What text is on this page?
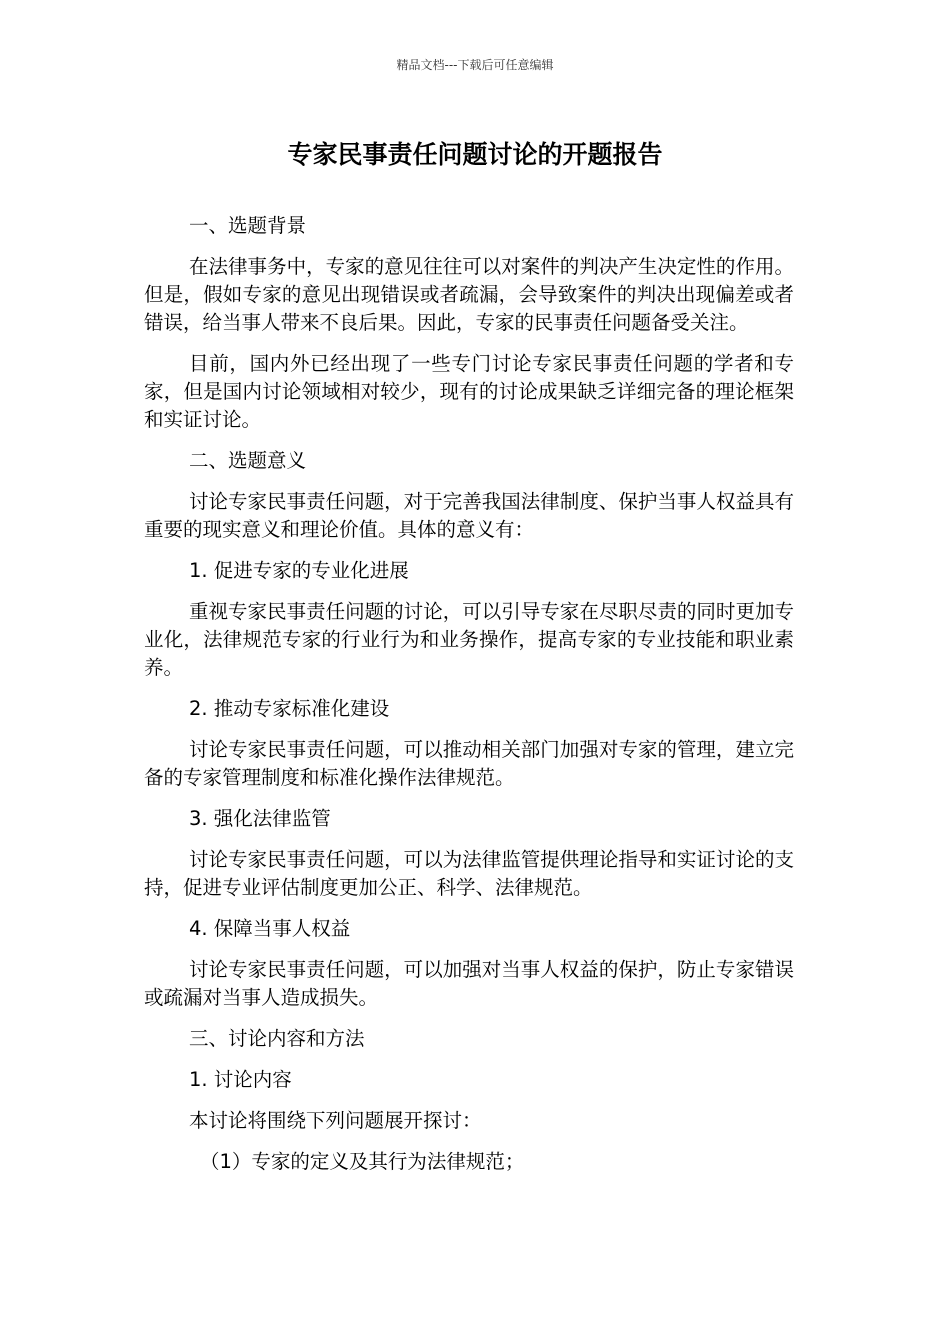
精品文档---下载后可任意编辑
专家民事责任问题讨论的开题报告

一、选题背景

在法律事务中，专家的意见往往可以对案件的判决产生决定性的作用。但是，假如专家的意见出现错误或者疏漏，会导致案件的判决出现偏差或者错误，给当事人带来不良后果。因此，专家的民事责任问题备受关注。

目前，国内外已经出现了一些专门讨论专家民事责任问题的学者和专家，但是国内讨论领域相对较少，现有的讨论成果缺乏详细完备的理论框架和实证讨论。

二、选题意义

讨论专家民事责任问题，对于完善我国法律制度、保护当事人权益具有重要的现实意义和理论价值。具体的意义有：

1. 促进专家的专业化进展

重视专家民事责任问题的讨论，可以引导专家在尽职尽责的同时更加专业化，法律规范专家的行业行为和业务操作，提高专家的专业技能和职业素养。

2. 推动专家标准化建设

讨论专家民事责任问题，可以推动相关部门加强对专家的管理，建立完备的专家管理制度和标准化操作法律规范。

3. 强化法律监管

讨论专家民事责任问题，可以为法律监管提供理论指导和实证讨论的支持，促进专业评估制度更加公正、科学、法律规范。

4. 保障当事人权益

讨论专家民事责任问题，可以加强对当事人权益的保护，防止专家错误或疏漏对当事人造成损失。

三、讨论内容和方法

1. 讨论内容

本讨论将围绕下列问题展开探讨：

（1）专家的定义及其行为法律规范；
